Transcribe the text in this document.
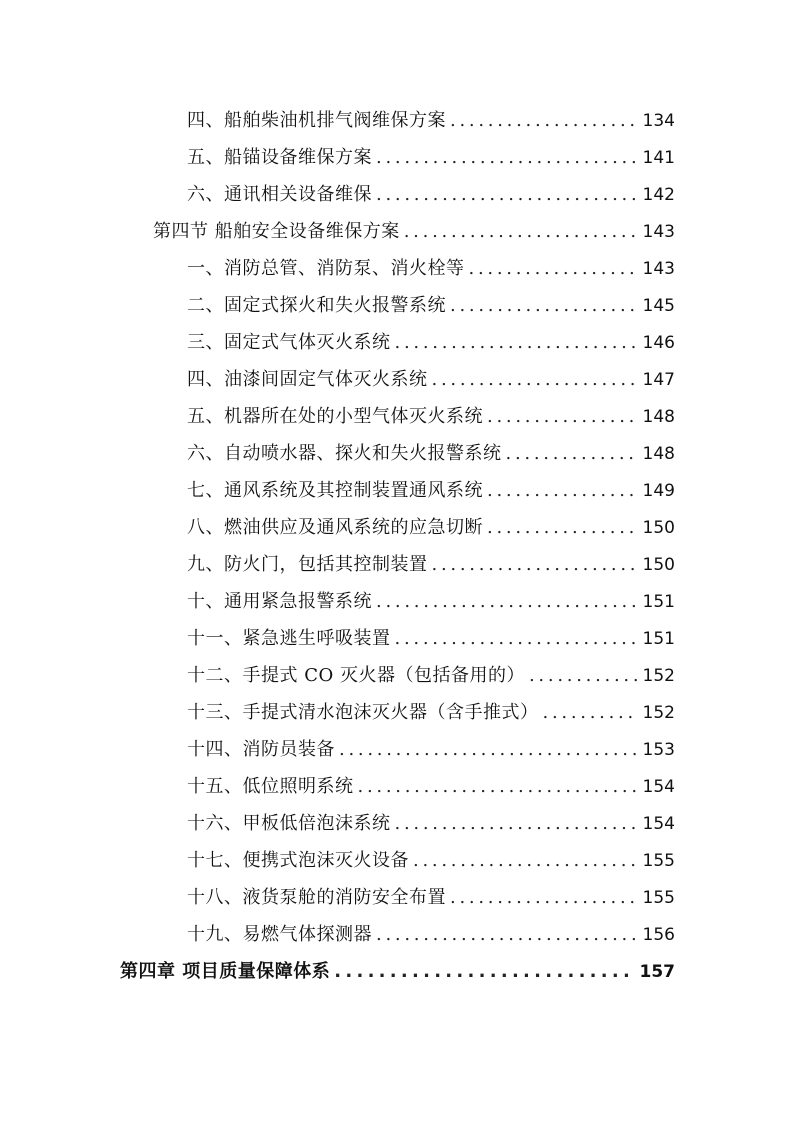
四、船舶柴油机排气阀维保方案 . . .	134
五、船锚设备维保方案 . . .	141
六、通讯相关设备维保 . . .	142
第四节 船舶安全设备维保方案 . . .	143
一、消防总管、消防泵、消火栓等 . . .	143
二、固定式探火和失火报警系统 . . .	145
三、固定式气体灭火系统 . . .	146
四、油漆间固定气体灭火系统 . . .	147
五、机器所在处的小型气体灭火系统 . . .	148
六、自动喷水器、探火和失火报警系统 . . .	148
七、通风系统及其控制装置通风系统 . . .	149
八、燃油供应及通风系统的应急切断 . . .	150
九、防火门，包括其控制装置 . . .	150
十、通用紧急报警系统 . . .	151
十一、紧急逃生呼吸装置 . . .	151
十二、手提式 CO 灭火器（包括备用的） . . .	152
十三、手提式清水泡沫灭火器（含手推式） . . .	152
十四、消防员装备 . . .	153
十五、低位照明系统 . . .	154
十六、甲板低倍泡沫系统 . . .	154
十七、便携式泡沫灭火设备 . . .	155
十八、液货泵舱的消防安全布置 . . .	155
十九、易燃气体探测器 . . .	156
第四章 项目质量保障体系 . . .	157
